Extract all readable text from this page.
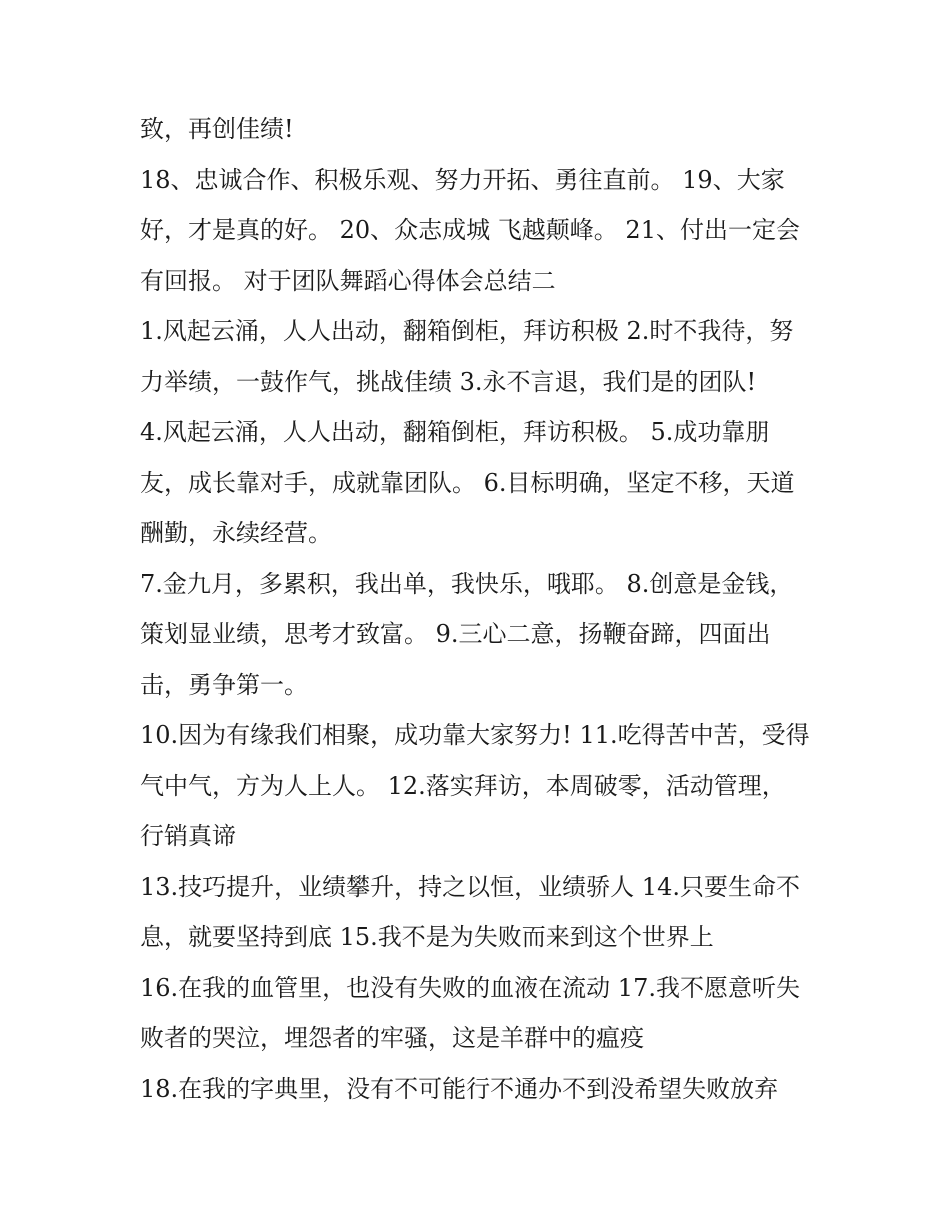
致，再创佳绩!
18、忠诚合作、积极乐观、努力开拓、勇往直前。 19、大家
好，才是真的好。 20、众志成城 飞越颠峰。 21、付出一定会
有回报。 对于团队舞蹈心得体会总结二
1.风起云涌，人人出动，翻箱倒柜，拜访积极 2.时不我待，努
力举绩，一鼓作气，挑战佳绩 3.永不言退，我们是的团队!
4.风起云涌，人人出动，翻箱倒柜，拜访积极。 5.成功靠朋
友，成长靠对手，成就靠团队。 6.目标明确，坚定不移，天道
酬勤，永续经营。
7.金九月，多累积，我出单，我快乐，哦耶。 8.创意是金钱，
策划显业绩，思考才致富。 9.三心二意，扬鞭奋蹄，四面出
击，勇争第一。
10.因为有缘我们相聚，成功靠大家努力! 11.吃得苦中苦，受得
气中气，方为人上人。 12.落实拜访，本周破零，活动管理，
行销真谛
13.技巧提升，业绩攀升，持之以恒，业绩骄人 14.只要生命不
息，就要坚持到底 15.我不是为失败而来到这个世界上
16.在我的血管里，也没有失败的血液在流动 17.我不愿意听失
败者的哭泣，埋怨者的牢骚，这是羊群中的瘟疫
18.在我的字典里，没有不可能行不通办不到没希望失败放弃
